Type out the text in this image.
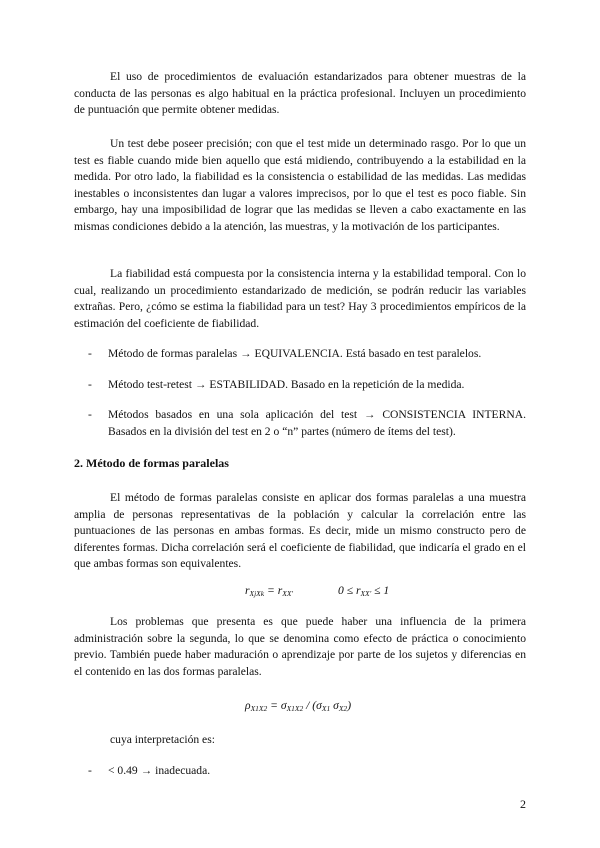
El uso de procedimientos de evaluación estandarizados para obtener muestras de la conducta de las personas es algo habitual en la práctica profesional. Incluyen un procedimiento de puntuación que permite obtener medidas.

Un test debe poseer precisión; con que el test mide un determinado rasgo. Por lo que un test es fiable cuando mide bien aquello que está midiendo, contribuyendo a la estabilidad en la medida. Por otro lado, la fiabilidad es la consistencia o estabilidad de las medidas. Las medidas inestables o inconsistentes dan lugar a valores imprecisos, por lo que el test es poco fiable. Sin embargo, hay una imposibilidad de lograr que las medidas se lleven a cabo exactamente en las mismas condiciones debido a la atención, las muestras, y la motivación de los participantes.

La fiabilidad está compuesta por la consistencia interna y la estabilidad temporal. Con lo cual, realizando un procedimiento estandarizado de medición, se podrán reducir las variables extrañas. Pero, ¿cómo se estima la fiabilidad para un test? Hay 3 procedimientos empíricos de la estimación del coeficiente de fiabilidad.

- Método de formas paralelas → EQUIVALENCIA. Está basado en test paralelos.
- Método test-retest → ESTABILIDAD. Basado en la repetición de la medida.
- Métodos basados en una sola aplicación del test → CONSISTENCIA INTERNA. Basados en la división del test en 2 o “n” partes (número de ítems del test).

2. Método de formas paralelas

El método de formas paralelas consiste en aplicar dos formas paralelas a una muestra amplia de personas representativas de la población y calcular la correlación entre las puntuaciones de las personas en ambas formas. Es decir, mide un mismo constructo pero de diferentes formas. Dicha correlación será el coeficiente de fiabilidad, que indicaría el grado en el que ambas formas son equivalentes.

$r_{XjXk} = r_{XX'}$	$0 \le r_{XX'} \le 1$

Los problemas que presenta es que puede haber una influencia de la primera administración sobre la segunda, lo que se denomina como efecto de práctica o conocimiento previo. También puede haber maduración o aprendizaje por parte de los sujetos y diferencias en el contenido en las dos formas paralelas.

$\rho_{X1X2} = \sigma_{X1X2} / (\sigma_{X1}$ $\sigma_{X2}$)

cuya interpretación es:

- < 0.49 → inadecuada.
2
